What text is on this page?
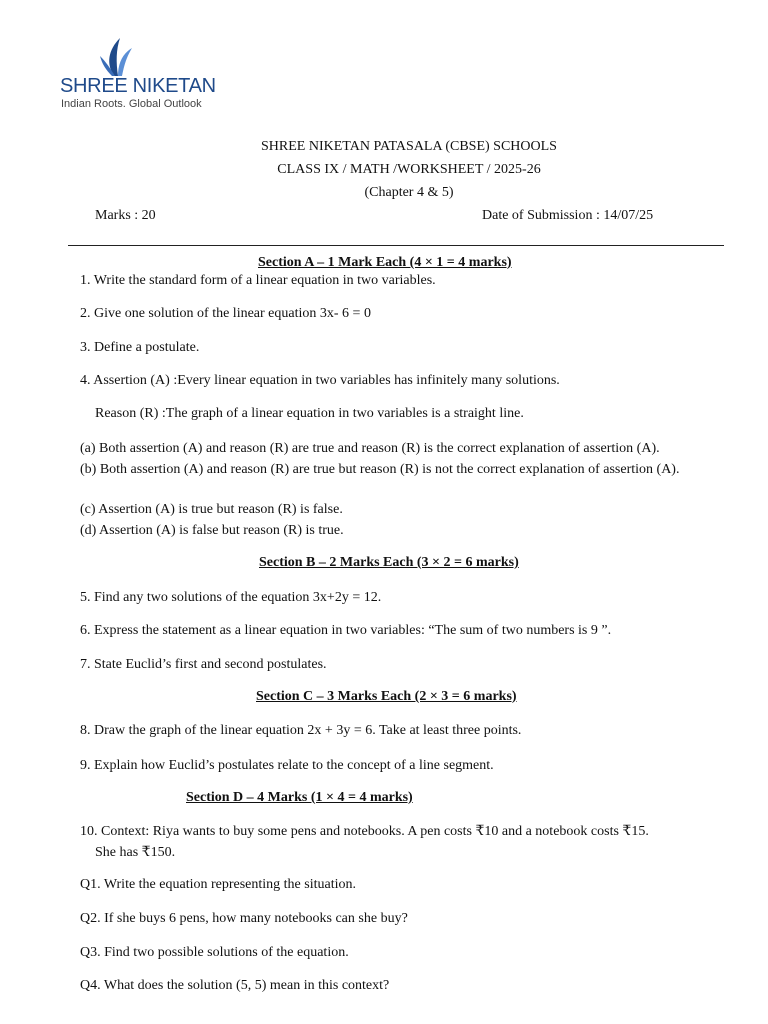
SHREE NIKETAN
Indian Roots. Global Outlook
SHREE NIKETAN PATASALA (CBSE) SCHOOLS
CLASS IX / MATH /WORKSHEET / 2025-26
(Chapter 4 & 5)
Marks : 20	Date of Submission : 14/07/25
Section A – 1 Mark Each (4 × 1 = 4 marks)
1. Write the standard form of a linear equation in two variables.
2. Give one solution of the linear equation 3x- 6 = 0
3. Define a postulate.
4. Assertion (A) :Every linear equation in two variables has infinitely many solutions.
Reason (R) :The graph of a linear equation in two variables is a straight line.
(a) Both assertion (A) and reason (R) are true and reason (R) is the correct explanation of assertion (A).
(b) Both assertion (A) and reason (R) are true but reason (R) is not the correct explanation of assertion (A).
(c) Assertion (A) is true but reason (R) is false.
(d) Assertion (A) is false but reason (R) is true.
Section B – 2 Marks Each (3 × 2 = 6 marks)
5. Find any two solutions of the equation 3x+2y = 12.
6. Express the statement as a linear equation in two variables: “The sum of two numbers is 9 ”.
7. State Euclid’s first and second postulates.
Section C – 3 Marks Each (2 × 3 = 6 marks)
8. Draw the graph of the linear equation 2x + 3y = 6. Take at least three points.
9. Explain how Euclid’s postulates relate to the concept of a line segment.
Section D – 4 Marks (1 × 4 = 4 marks)
10. Context: Riya wants to buy some pens and notebooks. A pen costs ₹10 and a notebook costs ₹15.
She has ₹150.
Q1. Write the equation representing the situation.
Q2. If she buys 6 pens, how many notebooks can she buy?
Q3. Find two possible solutions of the equation.
Q4. What does the solution (5, 5) mean in this context?
